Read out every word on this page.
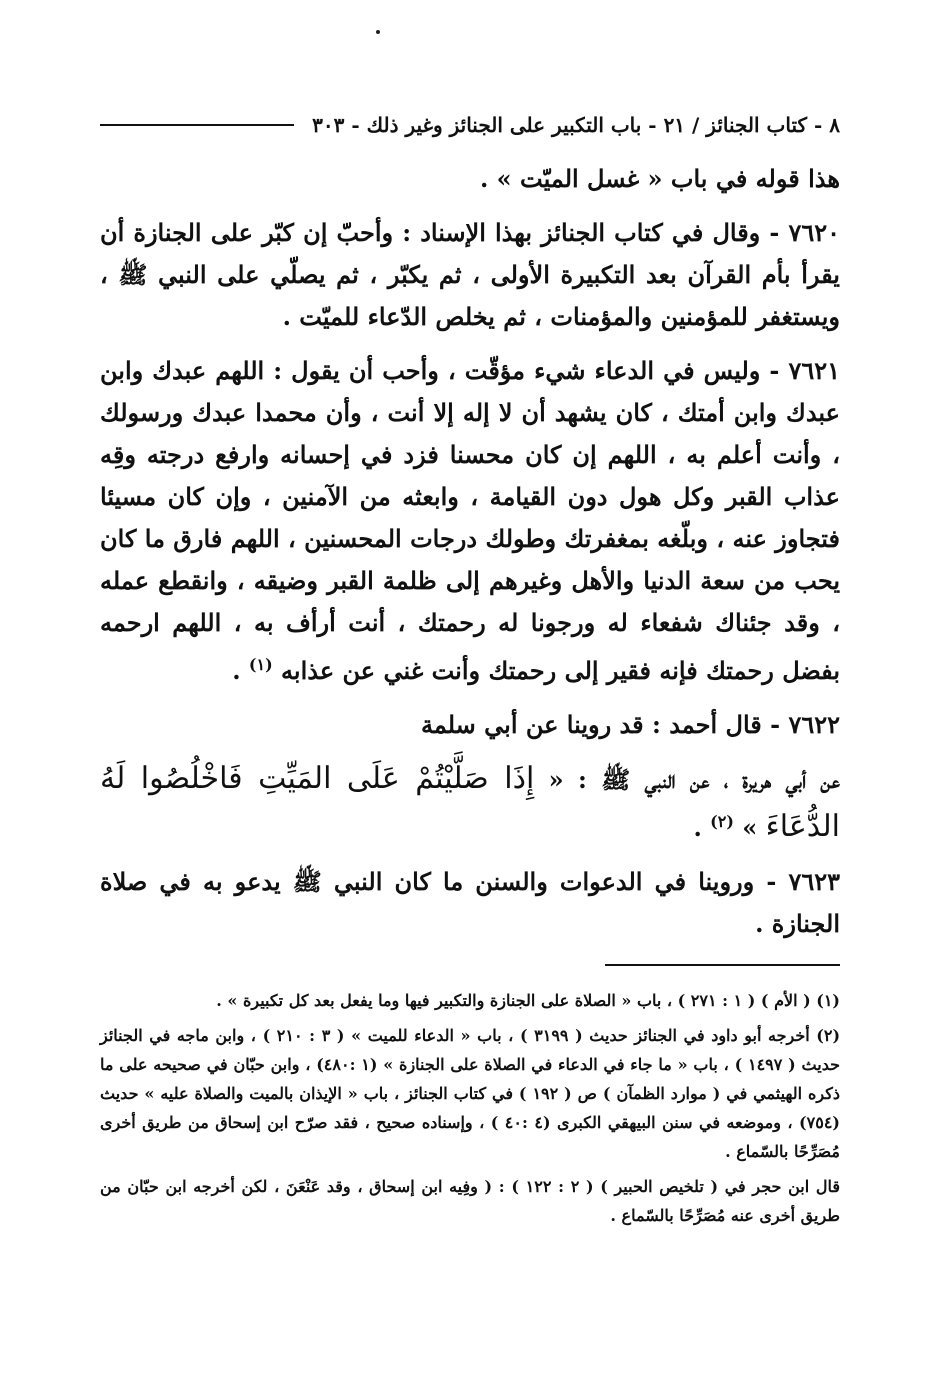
٨ - كتاب الجنائز / ٢١ - باب التكبير على الجنائز وغير ذلك - ٣٠٣

هذا قوله في باب « غسل الميّت » .

٧٦٢٠ - وقال في كتاب الجنائز بهذا الإسناد : وأحبّ إن كبّر على الجنازة أن يقرأ بأم القرآن بعد التكبيرة الأولى ، ثم يكبّر ، ثم يصلّي على النبي ﷺ ، ويستغفر للمؤمنين والمؤمنات ، ثم يخلص الدّعاء للميّت .

٧٦٢١ - وليس في الدعاء شيء مؤقّت ، وأحب أن يقول : اللهم عبدك وابن عبدك وابن أمتك ، كان يشهد أن لا إله إلا أنت ، وأن محمدا عبدك ورسولك ، وأنت أعلم به ، اللهم إن كان محسنا فزد في إحسانه وارفع درجته وقِه عذاب القبر وكل هول دون القيامة ، وابعثه من الآمنين ، وإن كان مسيئا فتجاوز عنه ، وبلّغه بمغفرتك وطولك درجات المحسنين ، اللهم فارق ما كان يحب من سعة الدنيا والأهل وغيرهم إلى ظلمة القبر وضيقه ، وانقطع عمله ، وقد جئناك شفعاء له ورجونا له رحمتك ، أنت أرأف به ، اللهم ارحمه بفضل رحمتك فإنه فقير إلى رحمتك وأنت غني عن عذابه $^{(١)}$ .

٧٦٢٢ - قال أحمد : قد روينا عن أبي سلمة

عن أبي هريرة ، عن النبي ﷺ : « إِذَا صَلَّيْتُمْ عَلَى المَيِّتِ فَاخْلُصُوا لَهُ الدُّعَاءَ » $^{(٢)}$ .

٧٦٢٣ - وروينا في الدعوات والسنن ما كان النبي ﷺ يدعو به في صلاة الجنازة .

(١) ( الأم ) ( ١ : ٢٧١ ) ، باب « الصلاة على الجنازة والتكبير فيها وما يفعل بعد كل تكبيرة » .

(٢) أخرجه أبو داود في الجنائز حديث ( ٣١٩٩ ) ، باب « الدعاء للميت » ( ٣ : ٢١٠ ) ، وابن ماجه في الجنائز حديث ( ١٤٩٧ ) ، باب « ما جاء في الدعاء في الصلاة على الجنازة » (١ :٤٨٠) ، وابن حبّان في صحيحه على ما ذكره الهيثمي في ( موارد الظمآن ) ص ( ١٩٢ ) في كتاب الجنائز ، باب « الإيذان بالميت والصلاة عليه » حديث (٧٥٤) ، وموضعه في سنن البيهقي الكبرى (٤ :٤٠ ) ، وإسناده صحيح ، فقد صرّح ابن إسحاق من طريق أخرى مُصَرِّحًا بالسّماع .

قال ابن حجر في ( تلخيص الحبير ) ( ٢ : ١٢٢ ) : ( وفِيه ابن إسحاق ، وقد عَنْعَنَ ، لكن أخرجه ابن حبّان من طريق أخرى عنه مُصَرِّحًا بالسّماع .
